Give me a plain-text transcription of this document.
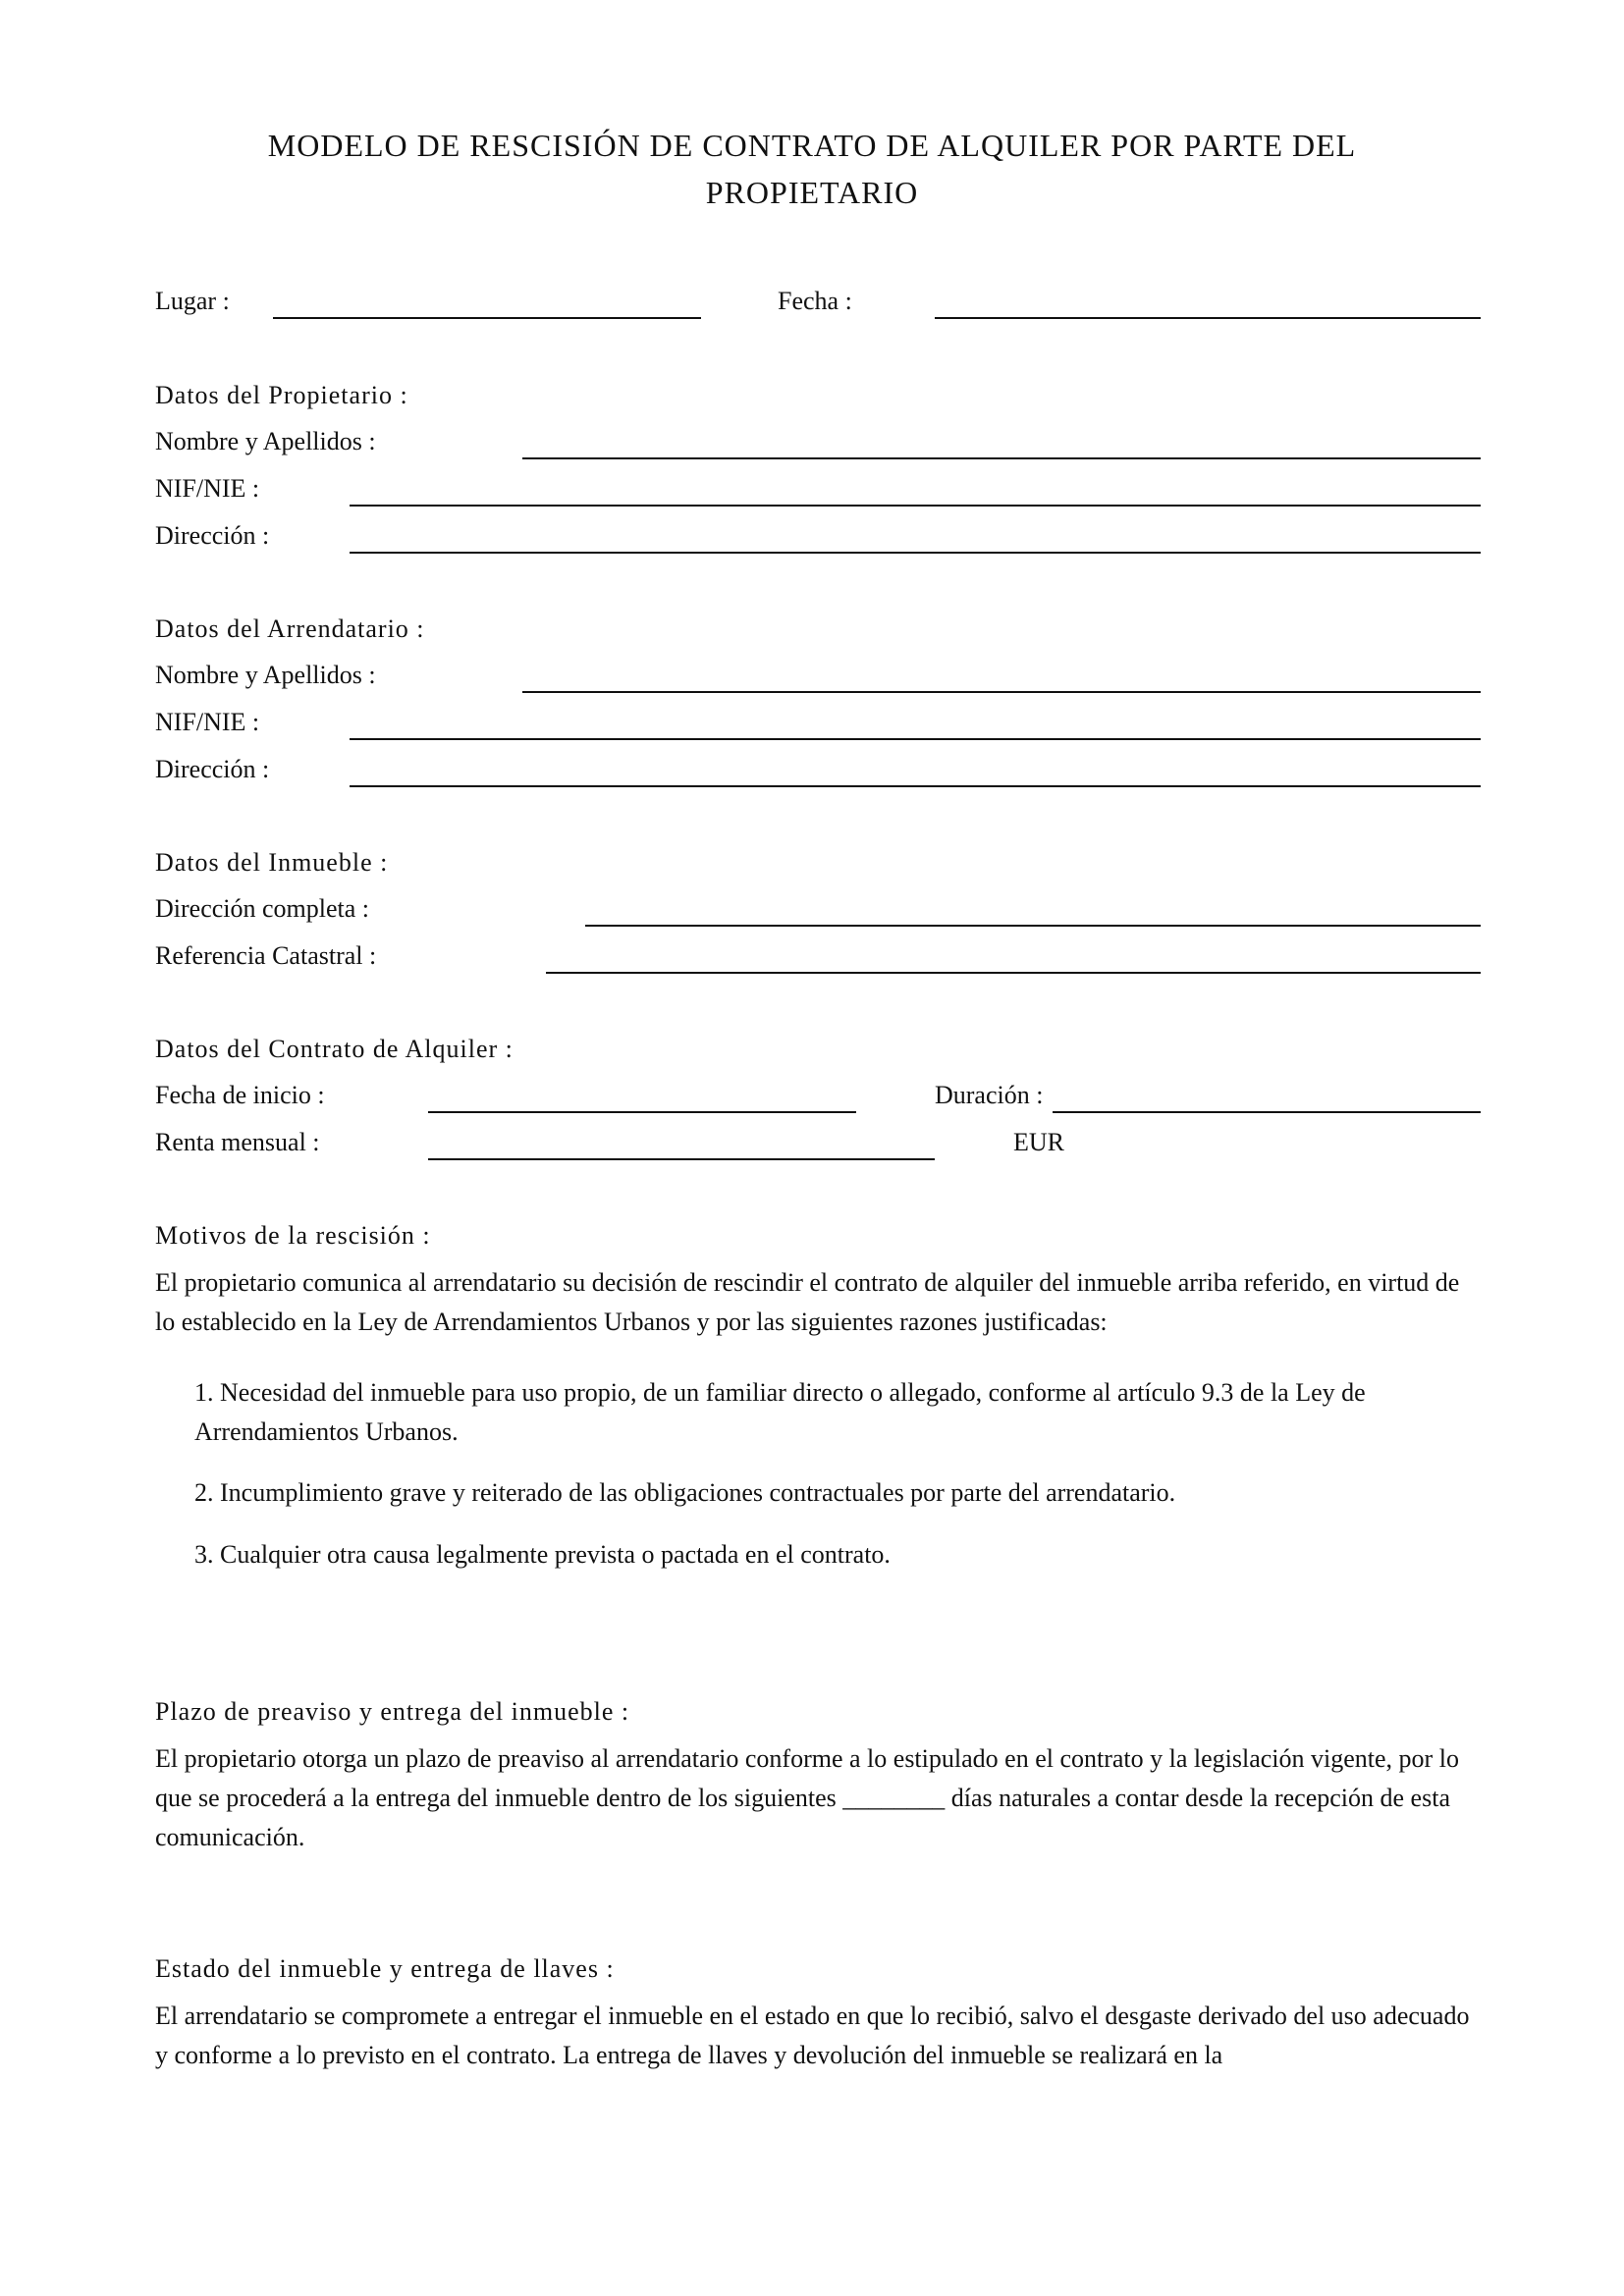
MODELO DE RESCISIÓN DE CONTRATO DE ALQUILER POR PARTE DEL
PROPIETARIO
Lugar :	Fecha :
Datos del Propietario :
Nombre y Apellidos :
NIF/NIE :
Dirección :
Datos del Arrendatario :
Nombre y Apellidos :
NIF/NIE :
Dirección :
Datos del Inmueble :
Dirección completa :
Referencia Catastral :
Datos del Contrato de Alquiler :
Fecha de inicio :	Duración :
Renta mensual :	EUR
Motivos de la rescisión :
El propietario comunica al arrendatario su decisión de rescindir el contrato de alquiler del inmueble arriba referido, en virtud de lo establecido en la Ley de Arrendamientos Urbanos y por las siguientes razones justificadas:
1. Necesidad del inmueble para uso propio, de un familiar directo o allegado, conforme al artículo 9.3 de la Ley de Arrendamientos Urbanos.
2. Incumplimiento grave y reiterado de las obligaciones contractuales por parte del arrendatario.
3. Cualquier otra causa legalmente prevista o pactada en el contrato.
Plazo de preaviso y entrega del inmueble :
El propietario otorga un plazo de preaviso al arrendatario conforme a lo estipulado en el contrato y la legislación vigente, por lo que se procederá a la entrega del inmueble dentro de los siguientes ________ días naturales a contar desde la recepción de esta comunicación.
Estado del inmueble y entrega de llaves :
El arrendatario se compromete a entregar el inmueble en el estado en que lo recibió, salvo el desgaste derivado del uso adecuado y conforme a lo previsto en el contrato. La entrega de llaves y devolución del inmueble se realizará en la
